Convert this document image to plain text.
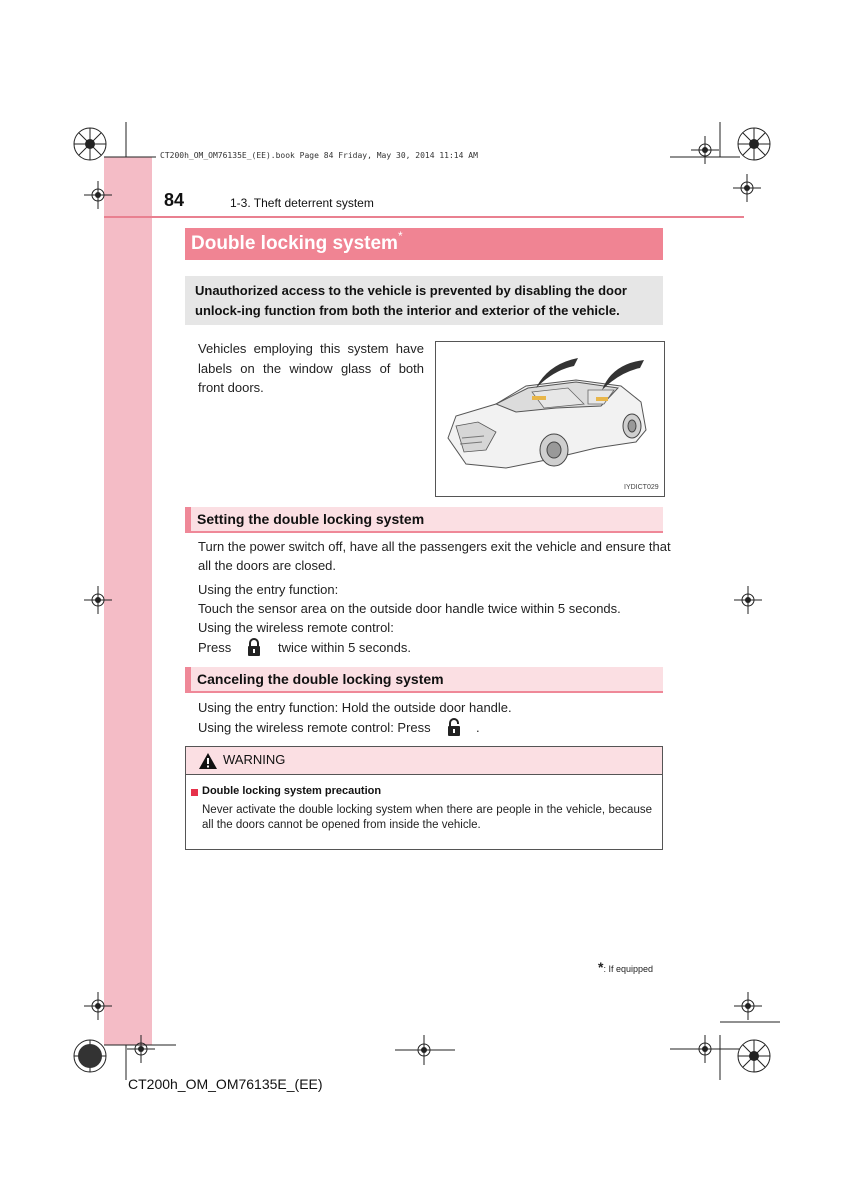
CT200h_OM_OM76135E_(EE).book Page 84 Friday, May 30, 2014 11:14 AM
84	1-3. Theft deterrent system
Double locking system*
Unauthorized access to the vehicle is prevented by disabling the door unlock-ing function from both the interior and exterior of the vehicle.
Vehicles employing this system have labels on the window glass of both front doors.
IYDICT029
Setting the double locking system
Turn the power switch off, have all the passengers exit the vehicle and ensure that
all the doors are closed.
Using the entry function:
Touch the sensor area on the outside door handle twice within 5 seconds.
Using the wireless remote control:
Press	twice within 5 seconds.
Canceling the double locking system
Using the entry function: Hold the outside door handle.
Using the wireless remote control: Press	.
WARNING
Double locking system precaution
Never activate the double locking system when there are people in the vehicle, because all the doors cannot be opened from inside the vehicle.
*: If equipped
CT200h_OM_OM76135E_(EE)
